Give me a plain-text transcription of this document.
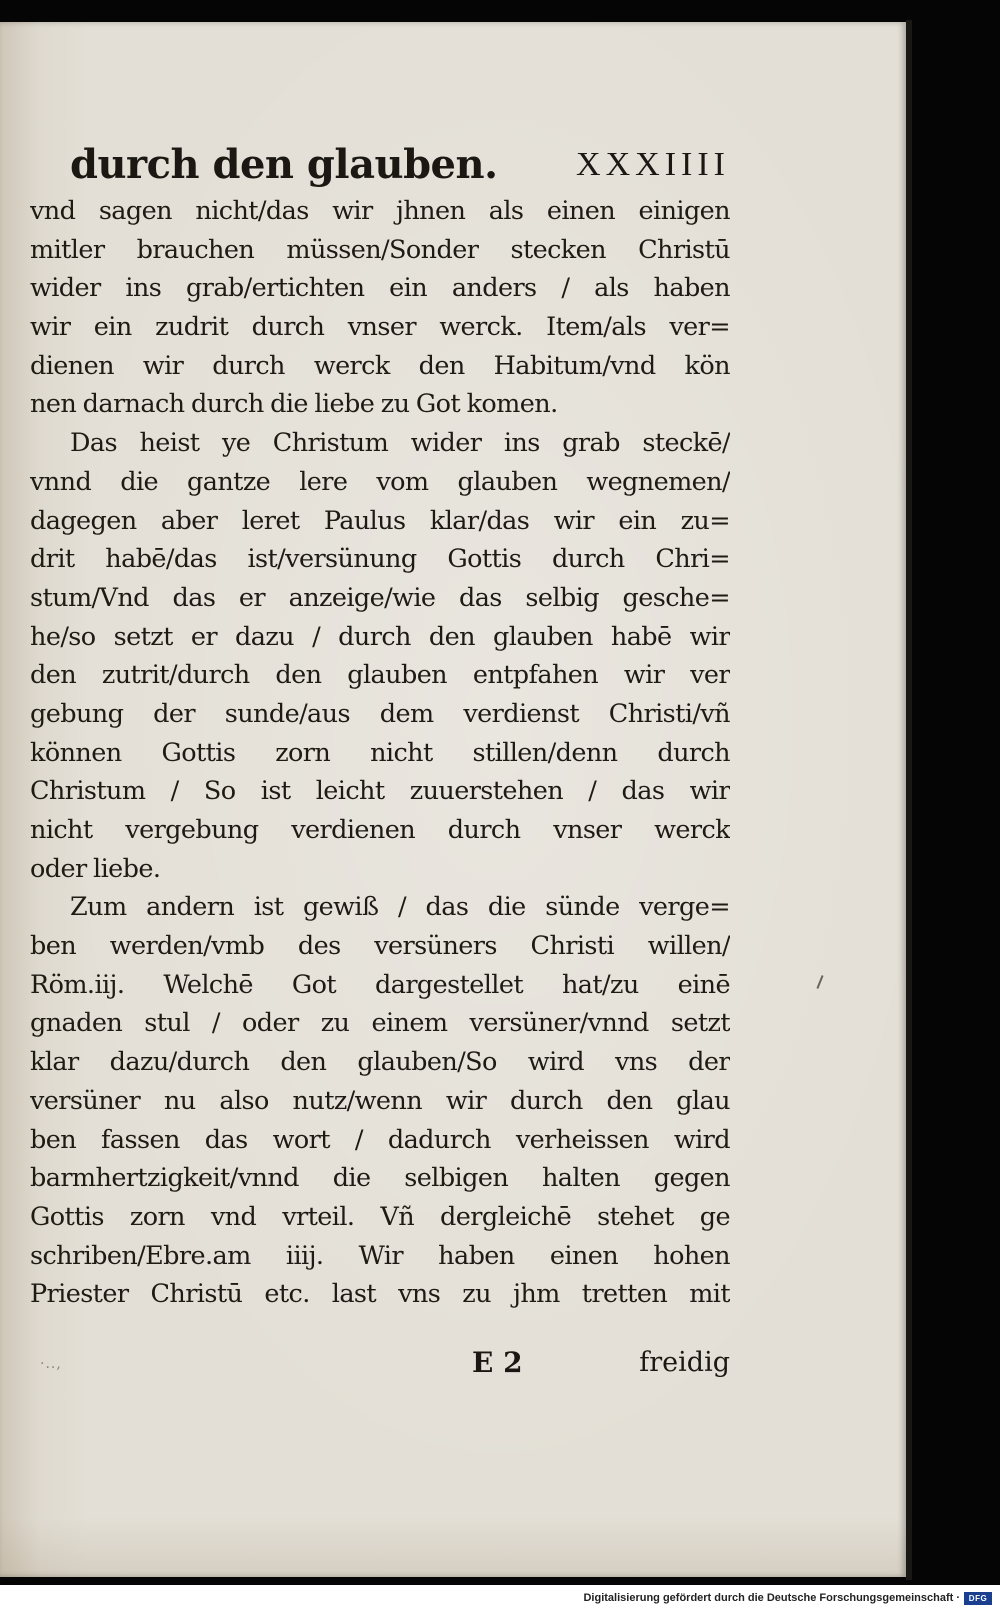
durch den glauben. XXXIIII
vnd sagen nicht/das wir jhnen als einen einigen
mitler brauchen müssen/Sonder stecken Christū
wider ins grab/ertichten ein anders / als haben
wir ein zudrit durch vnser werck. Item/als ver=
dienen wir durch werck den Habitum/vnd kön
nen darnach durch die liebe zu Got komen.
Das heist ye Christum wider ins grab steckē/
vnnd die gantze lere vom glauben wegnemen/
dagegen aber leret Paulus klar/das wir ein zu=
drit habē/das ist/versünung Gottis durch Chri=
stum/Vnd das er anzeige/wie das selbig gesche=
he/so setzt er dazu / durch den glauben habē wir
den zutrit/durch den glauben entpfahen wir ver
gebung der sunde/aus dem verdienst Christi/vñ
können Gottis zorn nicht stillen/denn durch
Christum / So ist leicht zuuerstehen / das wir
nicht vergebung verdienen durch vnser werck
oder liebe.
Zum andern ist gewiß / das die sünde verge=
ben werden/vmb des versüners Christi willen/
Röm.iij. Welchē Got dargestellet hat/zu einē
gnaden stul / oder zu einem versüner/vnnd setzt
klar dazu/durch den glauben/So wird vns der
versüner nu also nutz/wenn wir durch den glau
ben fassen das wort / dadurch verheissen wird
barmhertzigkeit/vnnd die selbigen halten gegen
Gottis zorn vnd vrteil. Vñ dergleichē stehet ge
schriben/Ebre.am iiij. Wir haben einen hohen
Priester Christū etc. last vns zu jhm tretten mit
·..,	E 2	freidig
Digitalisierung gefördert durch die Deutsche Forschungsgemeinschaft ·	DFG
